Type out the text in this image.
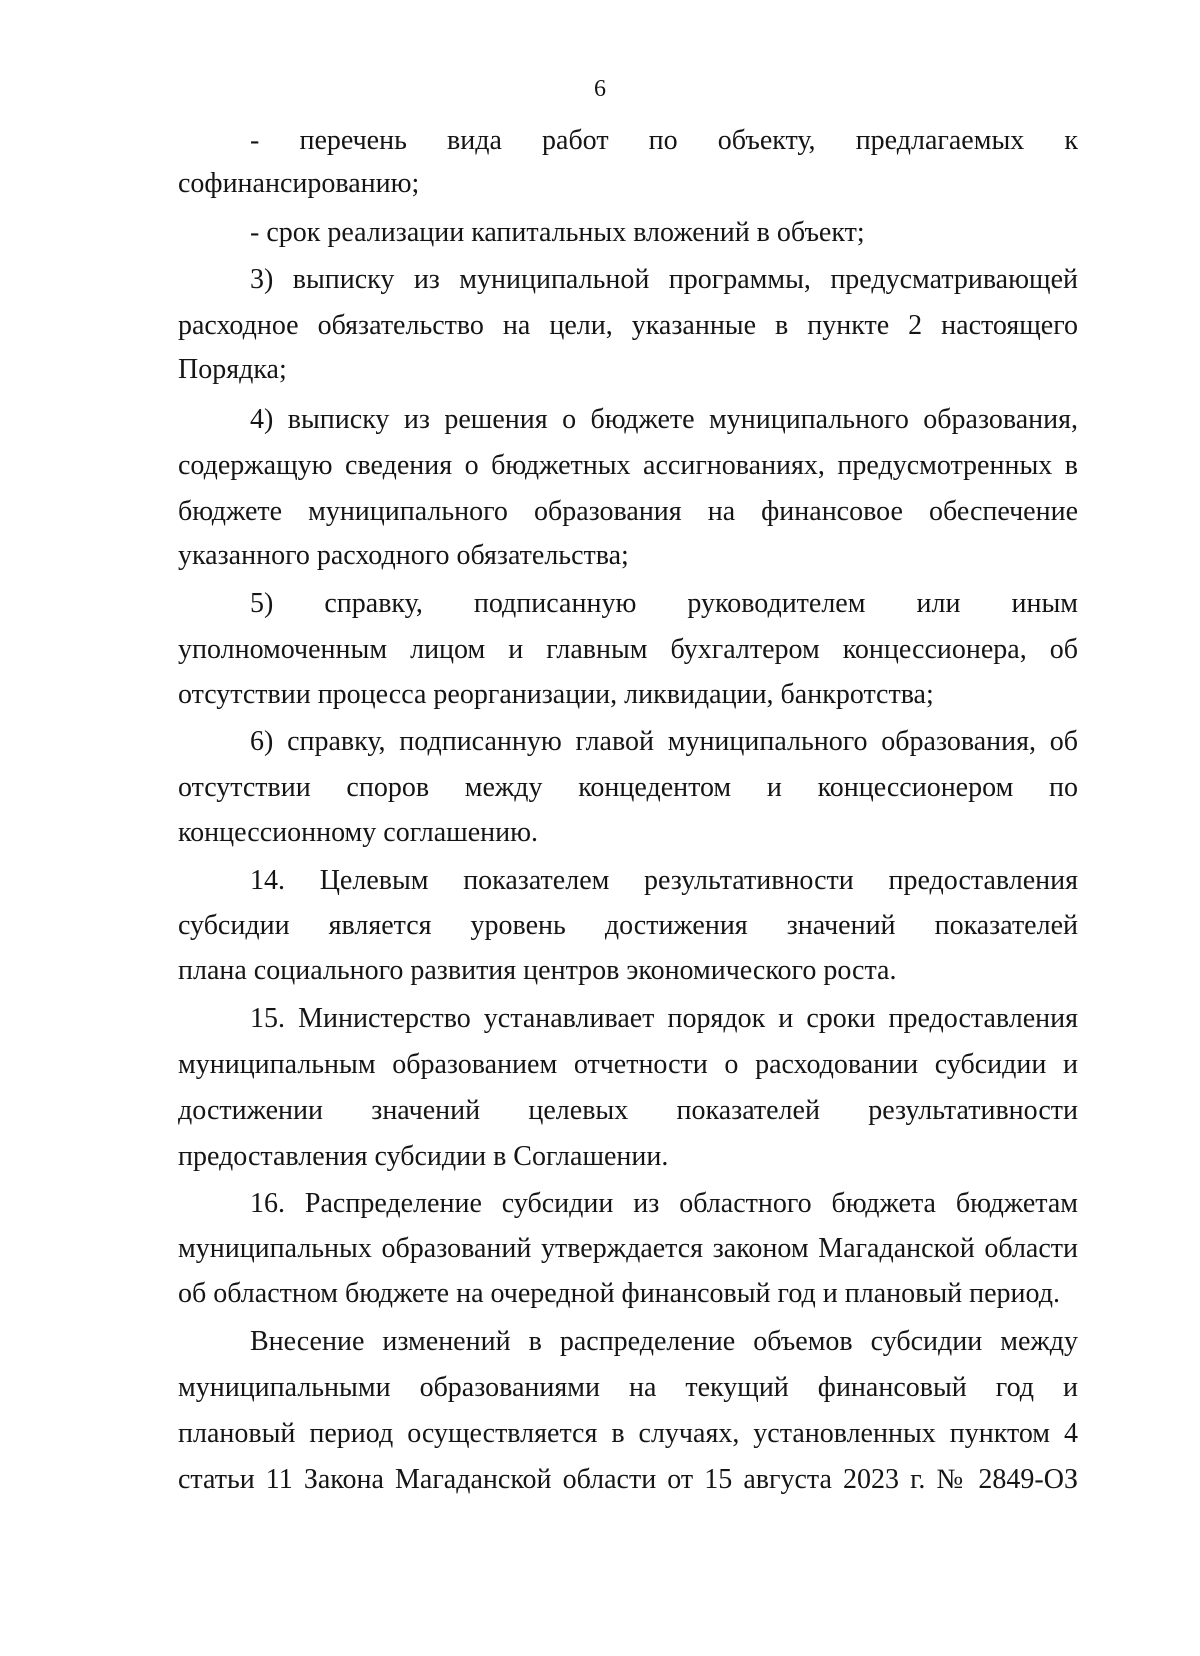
6
- перечень вида работ по объекту, предлагаемых к
софинансированию;
- срок реализации капитальных вложений в объект;
3) выписку из муниципальной программы, предусматривающей
расходное обязательство на цели, указанные в пункте 2 настоящего
Порядка;
4) выписку из решения о бюджете муниципального образования,
содержащую сведения о бюджетных ассигнованиях, предусмотренных в
бюджете муниципального образования на финансовое обеспечение
указанного расходного обязательства;
5) справку, подписанную руководителем или иным
уполномоченным лицом и главным бухгалтером концессионера, об
отсутствии процесса реорганизации, ликвидации, банкротства;
6) справку, подписанную главой муниципального образования, об
отсутствии споров между концедентом и концессионером по
концессионному соглашению.
14. Целевым показателем результативности предоставления
субсидии является уровень достижения значений показателей
плана социального развития центров экономического роста.
15. Министерство устанавливает порядок и сроки предоставления
муниципальным образованием отчетности о расходовании субсидии и
достижении значений целевых показателей результативности
предоставления субсидии в Соглашении.
16. Распределение субсидии из областного бюджета бюджетам
муниципальных образований утверждается законом Магаданской области
об областном бюджете на очередной финансовый год и плановый период.
Внесение изменений в распределение объемов субсидии между
муниципальными образованиями на текущий финансовый год и
плановый период осуществляется в случаях, установленных пунктом 4
статьи 11 Закона Магаданской области от 15 августа 2023 г. № 2849-ОЗ
